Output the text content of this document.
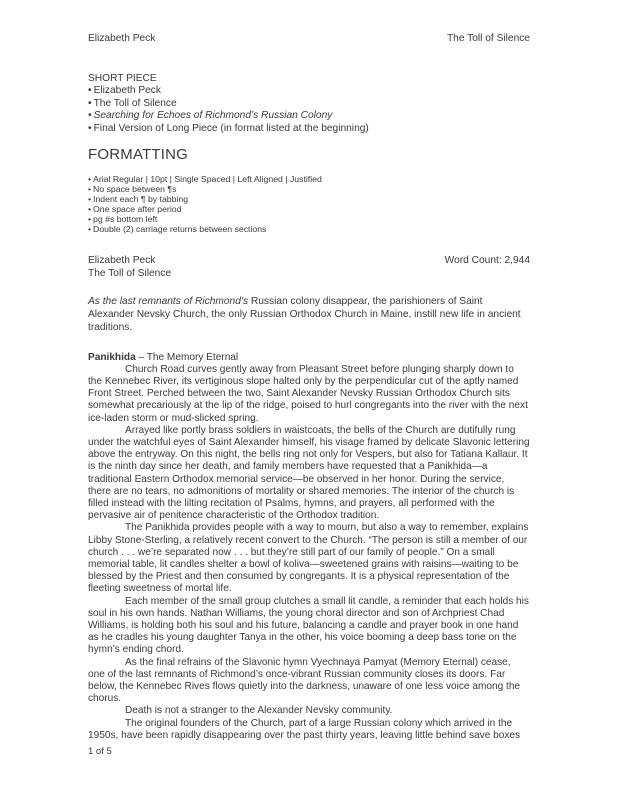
Elizabeth Peck	The Toll of Silence
SHORT PIECE
• Elizabeth Peck
• The Toll of Silence
• Searching for Echoes of Richmond’s Russian Colony
• Final Version of Long Piece (in format listed at the beginning)
FORMATTING
• Arial Regular | 10pt | Single Spaced | Left Aligned | Justified
• No space between ¶s
• Indent each ¶ by tabbing
• One space after period
• pg #s bottom left
• Double (2) carriage returns between sections
Elizabeth Peck
The Toll of Silence
Word Count: 2,944

As the last remnants of Richmond’s Russian colony disappear, the parishioners of Saint Alexander Nevsky Church, the only Russian Orthodox Church in Maine, instill new life in ancient traditions.

Panikhida – The Memory Eternal

Church Road curves gently away from Pleasant Street before plunging sharply down to the Kennebec River, its vertiginous slope halted only by the perpendicular cut of the aptly named Front Street. Perched between the two, Saint Alexander Nevsky Russian Orthodox Church sits somewhat precariously at the lip of the ridge, poised to hurl congregants into the river with the next ice-laden storm or mud-slicked spring.

Arrayed like portly brass soldiers in waistcoats, the bells of the Church are dutifully rung under the watchful eyes of Saint Alexander himself, his visage framed by delicate Slavonic lettering above the entryway. On this night, the bells ring not only for Vespers, but also for Tatiana Kallaur. It is the ninth day since her death, and family members have requested that a Panikhida—a traditional Eastern Orthodox memorial service—be observed in her honor. During the service, there are no tears, no admonitions of mortality or shared memories. The interior of the church is filled instead with the lilting recitation of Psalms, hymns, and prayers, all performed with the pervasive air of penitence characteristic of the Orthodox tradition.

The Panikhida provides people with a way to mourn, but also a way to remember, explains Libby Stone-Sterling, a relatively recent convert to the Church. “The person is still a member of our church . . . we’re separated now . . . but they’re still part of our family of people.” On a small memorial table, lit candles shelter a bowl of koliva—sweetened grains with raisins—waiting to be blessed by the Priest and then consumed by congregants. It is a physical representation of the fleeting sweetness of mortal life.

Each member of the small group clutches a small lit candle, a reminder that each holds his soul in his own hands. Nathan Williams, the young choral director and son of Archpriest Chad Williams, is holding both his soul and his future, balancing a candle and prayer book in one hand as he cradles his young daughter Tanya in the other, his voice booming a deep bass tone on the hymn’s ending chord.

As the final refrains of the Slavonic hymn Vyechnaya Pamyat (Memory Eternal) cease, one of the last remnants of Richmond’s once-vibrant Russian community closes its doors. Far below, the Kennebec Rives flows quietly into the darkness, unaware of one less voice among the chorus.

Death is not a stranger to the Alexander Nevsky community.

The original founders of the Church, part of a large Russian colony which arrived in the 1950s, have been rapidly disappearing over the past thirty years, leaving little behind save boxes

1 of 5
